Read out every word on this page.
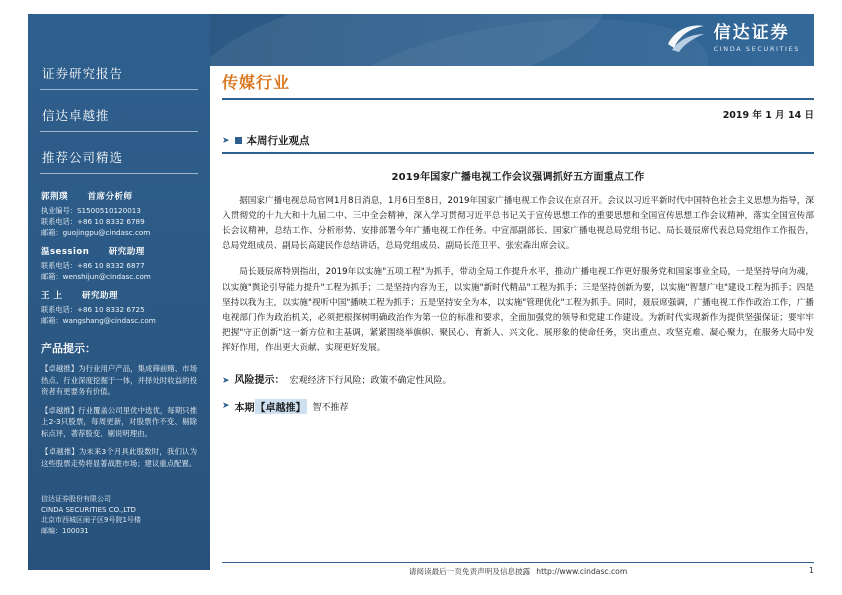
证券研究报告
信达卓越推
推荐公司精选
郭荆璞 首席分析师
执业编号：S1500510120013
联系电话：+86 10 8332 6789
邮箱：guojingpu@cindasc.com
温session 研究助理
联系电话：+86 10 8332 6877
邮箱：wenshijun@cindasc.com
王 上 研究助理
联系电话：+86 10 8332 6725
邮箱：wangshang@cindasc.com
产品提示：
【卓越推】为行业用户产品，集成筛前赌、市场热点、行业深度挖掘于一体，并择处时收益的投资者有更要务有价值。
【卓越推】行业覆盖公司里优中选优，每期只推上2-3只股票，每周更新，对股票作不变、剔除标点评，著荐股变、剔说明理由。
【卓越推】为未来3个月具此股数时，我们认为这些股票走势将显著战胜市场；建议重点配置。
信达证券股份有限公司
CINDA SECURITIES CO.,LTD
北京市西城区闹子区9号院1号楼
邮编：100031
信达证券
CINDA SECURITIES
传媒行业
2019 年 1 月 14 日
➤ 本周行业观点
2019年国家广播电视工作会议强调抓好五方面重点工作
据国家广播电视总局官网1月8日消息，1月6日至8日，2019年国家广播电视工作会议在京召开。会议以习近平新时代中国特色社会主义思想为指导，深入贯彻党的十九大和十九届二中、三中全会精神，深入学习贯彻习近平总书记关于宣传思想工作的重要思想和全国宣传思想工作会议精神，落实全国宣传部长会议精神，总结工作、分析形势、安排部署今年广播电视工作任务。中宣部副部长、国家广播电视总局党组书记、局长聂辰席代表总局党组作工作报告，总局党组成员、副局长高建民作总结讲话，总局党组成员、副局长范卫平、张宏森出席会议。
局长聂辰席特别指出，2019年以实施"五项工程"为抓手，带动全局工作提升水平，推动广播电视工作更好服务党和国家事业全局，一是坚持导向为魂，以实施"舆论引导能力提升"工程为抓手；二是坚持内容为王，以实施"新时代精品"工程为抓手；三是坚持创新为要，以实施"智慧广电"建设工程为抓手；四是坚持以我为主，以实施"视听中国"播映工程为抓手；五是坚持安全为本，以实施"管理优化"工程为抓手。同时，聂辰席强调，广播电视工作作政治工作，广播电视部门作为政治机关，必须把根探树明确政治作为第一位的标准和要求，全面加强党的领导和党建工作建设。为新时代实现新作为提供坚强保证；要牢牢把握"守正创新"这一新方位和主基调，紧紧围绕举旗帜、聚民心、育新人、兴文化、展形象的使命任务，突出重点、攻坚克难、凝心聚力，在服务大局中发挥好作用，作出更大贡献、实现更好发展。
➤ 风险提示： 宏观经济下行风险；政策不确定性风险。
➤ 本期 【卓越推】 智不推荐
请阅读最后一页免责声明及信息披露 http://www.cindasc.com	1
